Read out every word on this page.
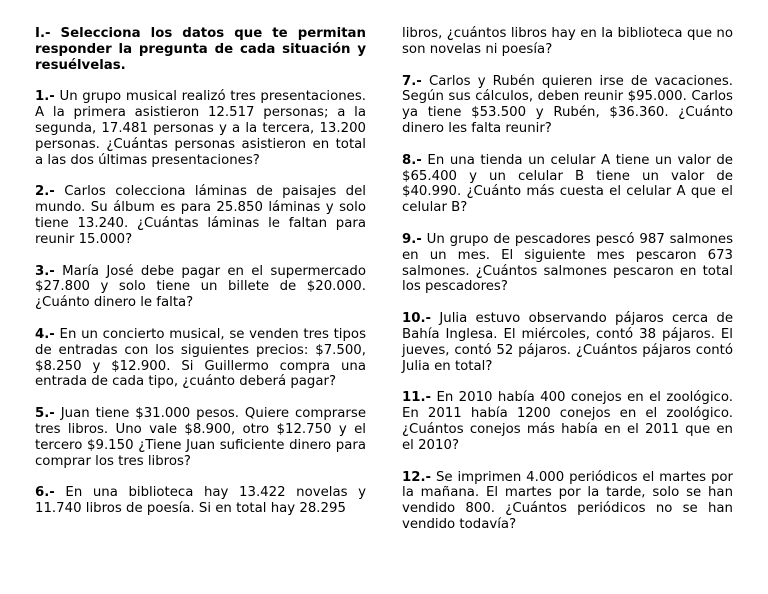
I.- Selecciona los datos que te permitan responder la pregunta de cada situación y resuélvelas.

1.- Un grupo musical realizó tres presentaciones. A la primera asistieron 12.517 personas; a la segunda, 17.481 personas y a la tercera, 13.200 personas. ¿Cuántas personas asistieron en total a las dos últimas presentaciones?

2.- Carlos colecciona láminas de paisajes del mundo. Su álbum es para 25.850 láminas y solo tiene 13.240. ¿Cuántas láminas le faltan para reunir 15.000?

3.- María José debe pagar en el supermercado $27.800 y solo tiene un billete de $20.000. ¿Cuánto dinero le falta?

4.- En un concierto musical, se venden tres tipos de entradas con los siguientes precios: $7.500, $8.250 y $12.900. Si Guillermo compra una entrada de cada tipo, ¿cuánto deberá pagar?

5.- Juan tiene $31.000 pesos. Quiere comprarse tres libros. Uno vale $8.900, otro $12.750 y el tercero $9.150 ¿Tiene Juan suficiente dinero para comprar los tres libros?

6.- En una biblioteca hay 13.422 novelas y 11.740 libros de poesía. Si en total hay 28.295

libros, ¿cuántos libros hay en la biblioteca que no son novelas ni poesía?

7.- Carlos y Rubén quieren irse de vacaciones. Según sus cálculos, deben reunir $95.000. Carlos ya tiene $53.500 y Rubén, $36.360. ¿Cuánto dinero les falta reunir?

8.- En una tienda un celular A tiene un valor de $65.400 y un celular B tiene un valor de $40.990. ¿Cuánto más cuesta el celular A que el celular B?

9.- Un grupo de pescadores pescó 987 salmones en un mes. El siguiente mes pescaron 673 salmones. ¿Cuántos salmones pescaron en total los pescadores?

10.- Julia estuvo observando pájaros cerca de Bahía Inglesa. El miércoles, contó 38 pájaros. El jueves, contó 52 pájaros. ¿Cuántos pájaros contó Julia en total?

11.- En 2010 había 400 conejos en el zoológico. En 2011 había 1200 conejos en el zoológico. ¿Cuántos conejos más había en el 2011 que en el 2010?

12.- Se imprimen 4.000 periódicos el martes por la mañana. El martes por la tarde, solo se han vendido 800. ¿Cuántos periódicos no se han vendido todavía?
